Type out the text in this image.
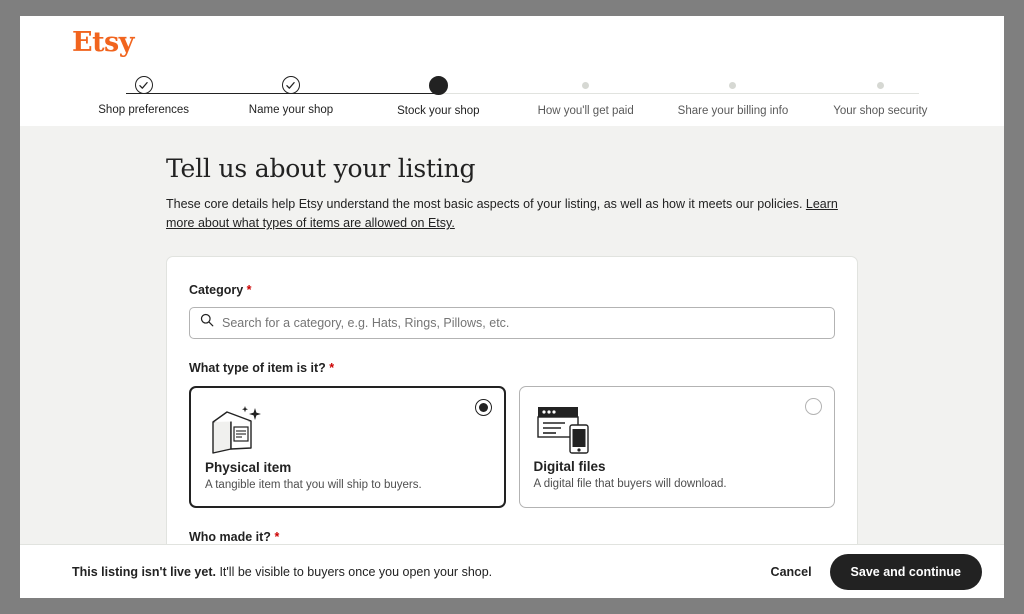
Etsy
Shop preferences	Name your shop	Stock your shop	How you'll get paid	Share your billing info	Your shop security
Tell us about your listing

These core details help Etsy understand the most basic aspects of your listing, as well as how it meets our policies. Learn more about what types of items are allowed on Etsy.

Category *
Search for a category, e.g. Hats, Rings, Pillows, etc.
What type of item is it? *
Physical item
A tangible item that you will ship to buyers.
Digital files
A digital file that buyers will download.
Who made it? *
This listing isn't live yet. It'll be visible to buyers once you open your shop.	Cancel	Save and continue
